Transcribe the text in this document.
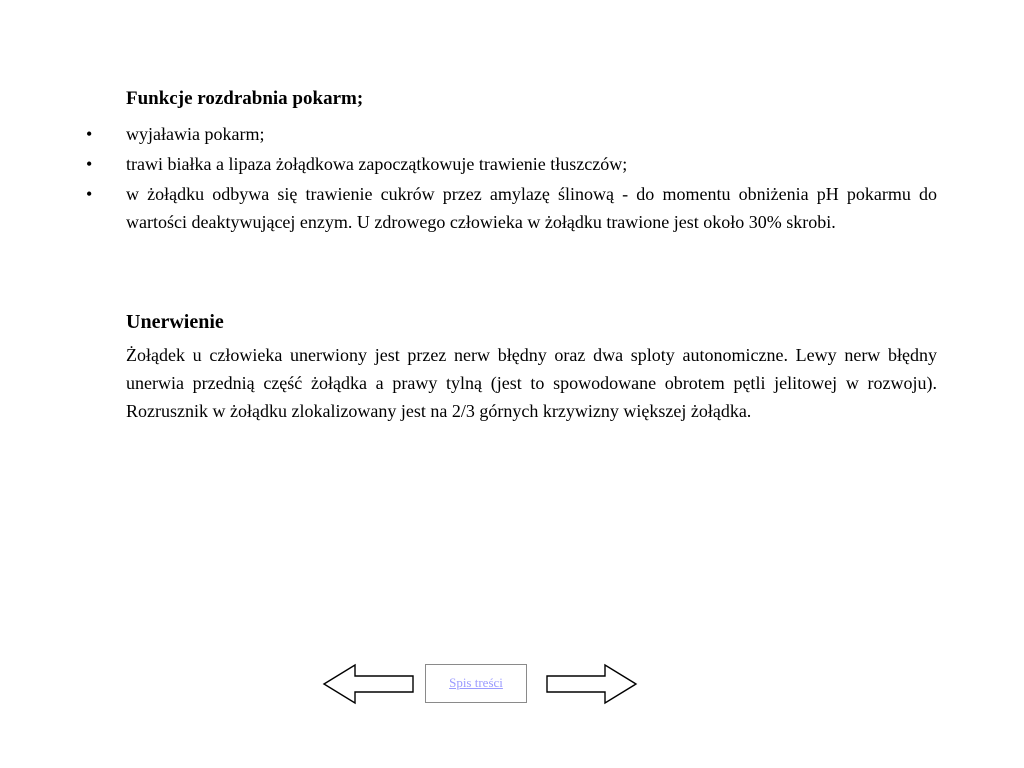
Funkcje rozdrabnia pokarm;
• wyjaławia pokarm;
• trawi białka a lipaza żołądkowa zapoczątkowuje trawienie tłuszczów;
• w żołądku odbywa się trawienie cukrów przez amylazę ślinową - do momentu obniżenia pH pokarmu do wartości deaktywującej enzym. U zdrowego człowieka w żołądku trawione jest około 30% skrobi.
Unerwienie

Żołądek u człowieka unerwiony jest przez nerw błędny oraz dwa sploty autonomiczne. Lewy nerw błędny unerwia przednią część żołądka a prawy tylną (jest to spowodowane obrotem pętli jelitowej w rozwoju). Rozrusznik w żołądku zlokalizowany jest na 2/3 górnych krzywizny większej żołądka.

Spis treści
